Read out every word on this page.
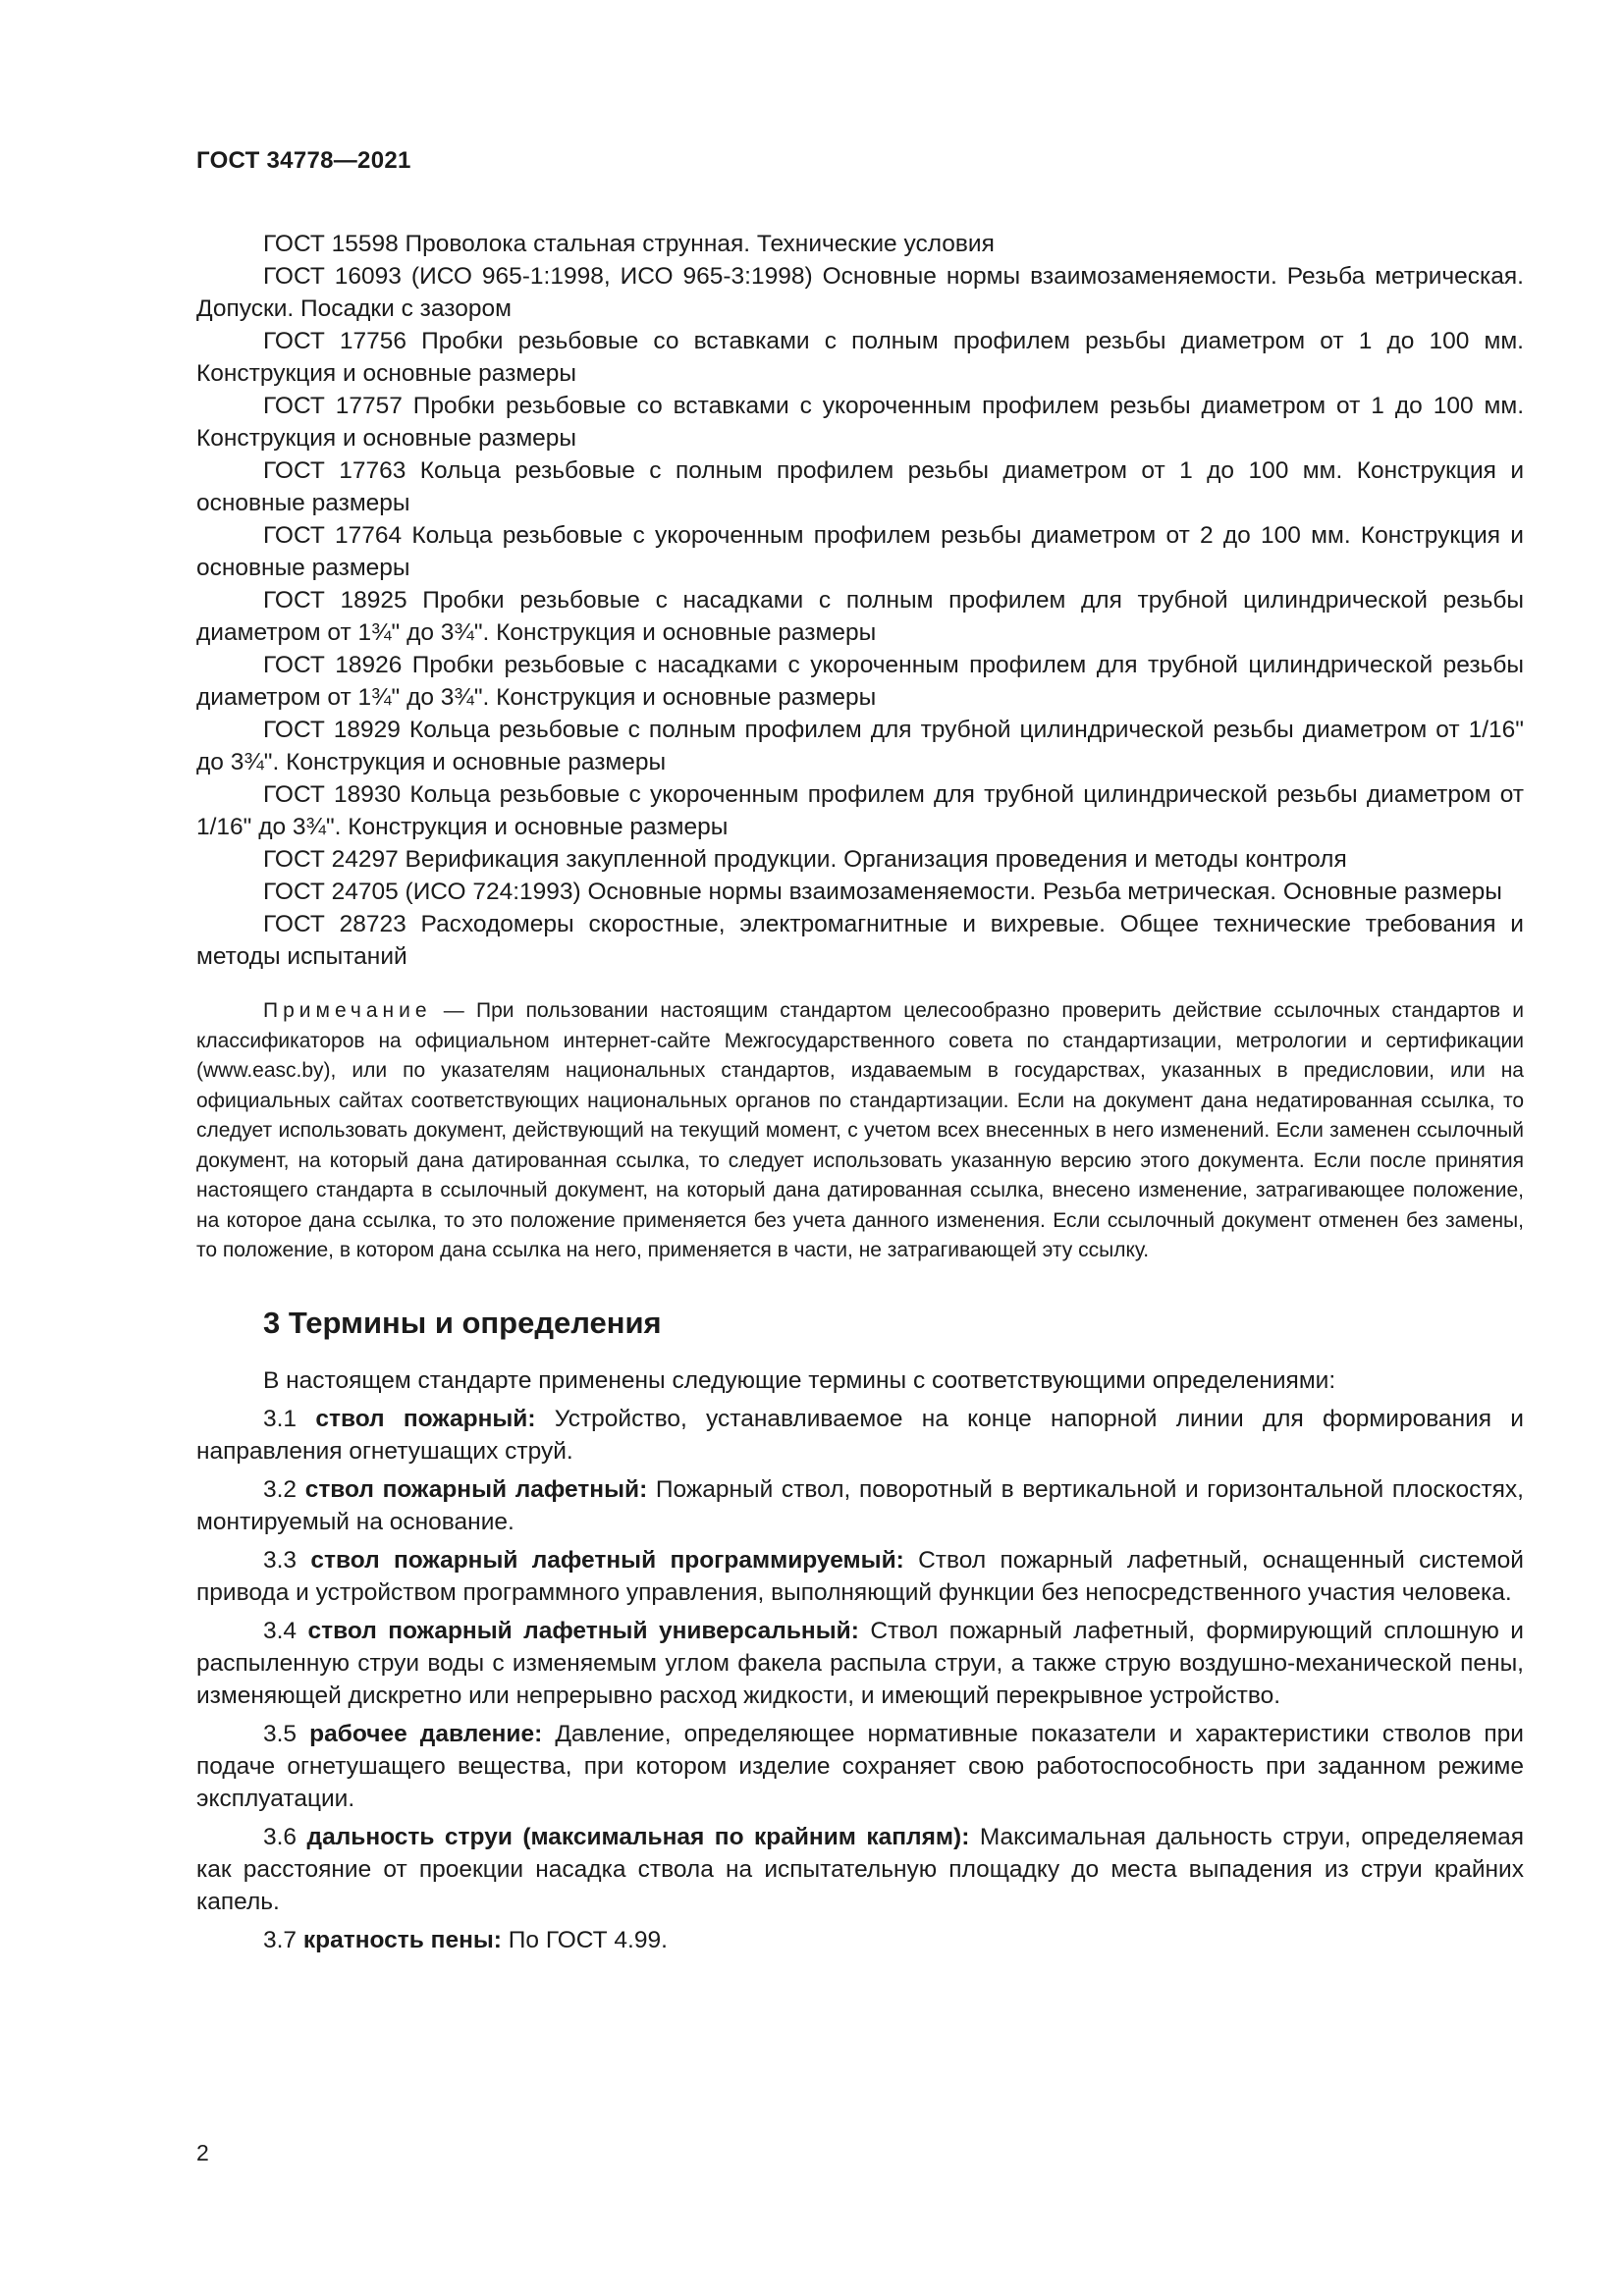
ГОСТ 34778—2021

ГОСТ 15598 Проволока стальная струнная. Технические условия

ГОСТ 16093 (ИСО 965-1:1998, ИСО 965-3:1998) Основные нормы взаимозаменяемости. Резьба метрическая. Допуски. Посадки с зазором

ГОСТ 17756 Пробки резьбовые со вставками с полным профилем резьбы диаметром от 1 до 100 мм. Конструкция и основные размеры

ГОСТ 17757 Пробки резьбовые со вставками с укороченным профилем резьбы диаметром от 1 до 100 мм. Конструкция и основные размеры

ГОСТ 17763 Кольца резьбовые с полным профилем резьбы диаметром от 1 до 100 мм. Конструкция и основные размеры

ГОСТ 17764 Кольца резьбовые с укороченным профилем резьбы диаметром от 2 до 100 мм. Конструкция и основные размеры

ГОСТ 18925 Пробки резьбовые с насадками с полным профилем для трубной цилиндрической резьбы диаметром от 1¾" до 3¾". Конструкция и основные размеры

ГОСТ 18926 Пробки резьбовые с насадками с укороченным профилем для трубной цилиндрической резьбы диаметром от 1¾" до 3¾". Конструкция и основные размеры

ГОСТ 18929 Кольца резьбовые с полным профилем для трубной цилиндрической резьбы диаметром от 1/16" до 3¾". Конструкция и основные размеры

ГОСТ 18930 Кольца резьбовые с укороченным профилем для трубной цилиндрической резьбы диаметром от 1/16" до 3¾". Конструкция и основные размеры

ГОСТ 24297 Верификация закупленной продукции. Организация проведения и методы контроля

ГОСТ 24705 (ИСО 724:1993) Основные нормы взаимозаменяемости. Резьба метрическая. Основные размеры

ГОСТ 28723 Расходомеры скоростные, электромагнитные и вихревые. Общее технические требования и методы испытаний

Примечание — При пользовании настоящим стандартом целесообразно проверить действие ссылочных стандартов и классификаторов на официальном интернет-сайте Межгосударственного совета по стандартизации, метрологии и сертификации (www.easc.by), или по указателям национальных стандартов, издаваемым в государствах, указанных в предисловии, или на официальных сайтах соответствующих национальных органов по стандартизации. Если на документ дана недатированная ссылка, то следует использовать документ, действующий на текущий момент, с учетом всех внесенных в него изменений. Если заменен ссылочный документ, на который дана датированная ссылка, то следует использовать указанную версию этого документа. Если после принятия настоящего стандарта в ссылочный документ, на который дана датированная ссылка, внесено изменение, затрагивающее положение, на которое дана ссылка, то это положение применяется без учета данного изменения. Если ссылочный документ отменен без замены, то положение, в котором дана ссылка на него, применяется в части, не затрагивающей эту ссылку.

3 Термины и определения

В настоящем стандарте применены следующие термины с соответствующими определениями:

3.1 ствол пожарный: Устройство, устанавливаемое на конце напорной линии для формирования и направления огнетушащих струй.

3.2 ствол пожарный лафетный: Пожарный ствол, поворотный в вертикальной и горизонтальной плоскостях, монтируемый на основание.

3.3 ствол пожарный лафетный программируемый: Ствол пожарный лафетный, оснащенный системой привода и устройством программного управления, выполняющий функции без непосредственного участия человека.

3.4 ствол пожарный лафетный универсальный: Ствол пожарный лафетный, формирующий сплошную и распыленную струи воды с изменяемым углом факела распыла струи, а также струю воздушно-механической пены, изменяющей дискретно или непрерывно расход жидкости, и имеющий перекрывное устройство.

3.5 рабочее давление: Давление, определяющее нормативные показатели и характеристики стволов при подаче огнетушащего вещества, при котором изделие сохраняет свою работоспособность при заданном режиме эксплуатации.

3.6 дальность струи (максимальная по крайним каплям): Максимальная дальность струи, определяемая как расстояние от проекции насадка ствола на испытательную площадку до места выпадения из струи крайних капель.

3.7 кратность пены: По ГОСТ 4.99.

2
